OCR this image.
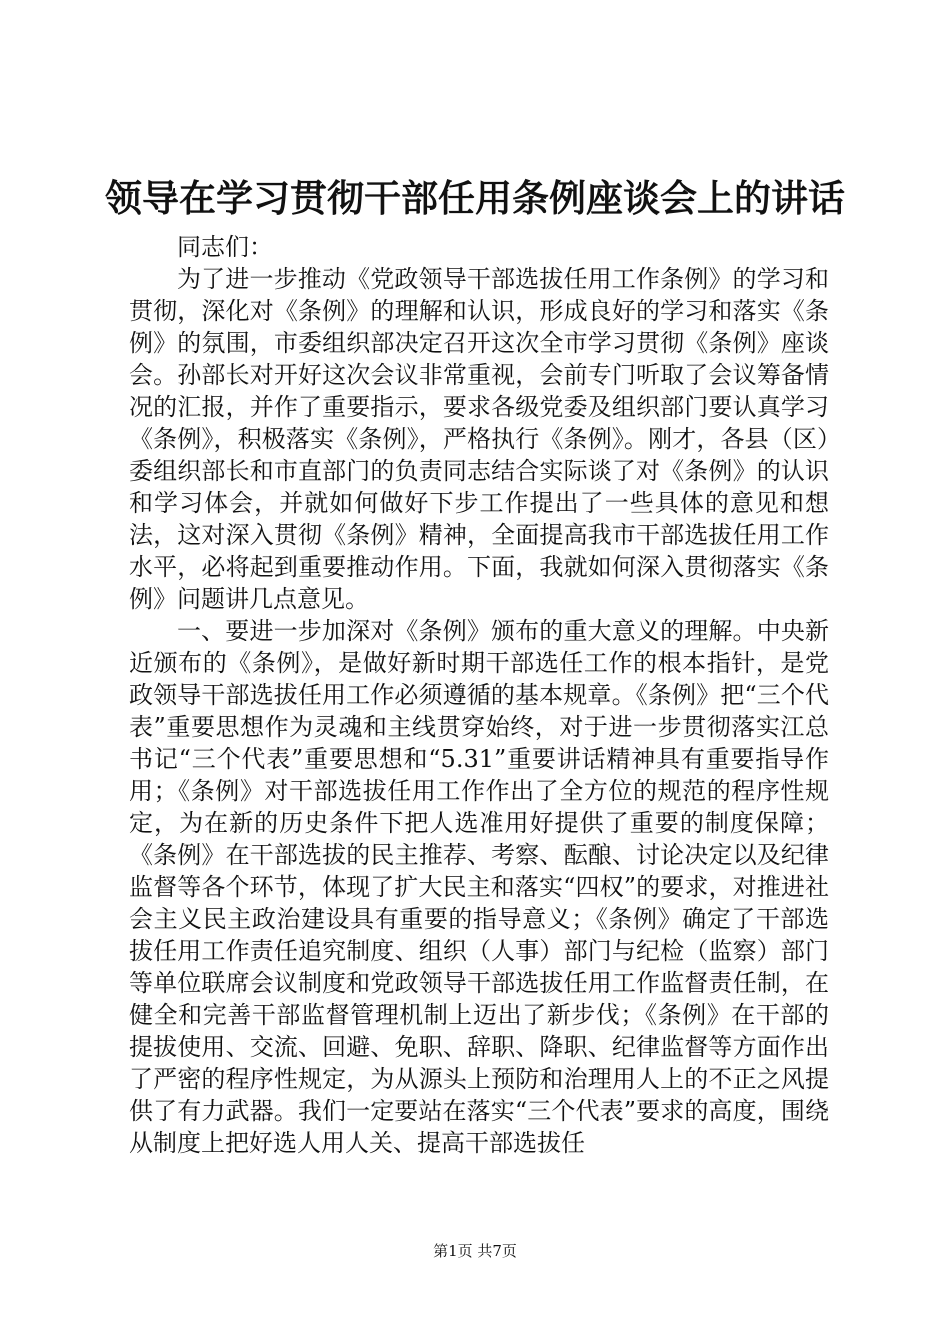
领导在学习贯彻干部任用条例座谈会上的讲话

同志们：

为了进一步推动《党政领导干部选拔任用工作条例》的学习和贯彻，深化对《条例》的理解和认识，形成良好的学习和落实《条例》的氛围，市委组织部决定召开这次全市学习贯彻《条例》座谈会。孙部长对开好这次会议非常重视，会前专门听取了会议筹备情况的汇报，并作了重要指示，要求各级党委及组织部门要认真学习《条例》，积极落实《条例》，严格执行《条例》。刚才，各县（区）委组织部长和市直部门的负责同志结合实际谈了对《条例》的认识和学习体会，并就如何做好下步工作提出了一些具体的意见和想法，这对深入贯彻《条例》精神，全面提高我市干部选拔任用工作水平，必将起到重要推动作用。下面，我就如何深入贯彻落实《条例》问题讲几点意见。

一、要进一步加深对《条例》颁布的重大意义的理解。中央新近颁布的《条例》，是做好新时期干部选任工作的根本指针，是党政领导干部选拔任用工作必须遵循的基本规章。《条例》把“三个代表”重要思想作为灵魂和主线贯穿始终，对于进一步贯彻落实江总书记“三个代表”重要思想和“5.31”重要讲话精神具有重要指导作用；《条例》对干部选拔任用工作作出了全方位的规范的程序性规定，为在新的历史条件下把人选准用好提供了重要的制度保障；《条例》在干部选拔的民主推荐、考察、酝酿、讨论决定以及纪律监督等各个环节，体现了扩大民主和落实“四权”的要求，对推进社会主义民主政治建设具有重要的指导意义；《条例》确定了干部选拔任用工作责任追究制度、组织（人事）部门与纪检（监察）部门等单位联席会议制度和党政领导干部选拔任用工作监督责任制，在健全和完善干部监督管理机制上迈出了新步伐；《条例》在干部的提拔使用、交流、回避、免职、辞职、降职、纪律监督等方面作出了严密的程序性规定，为从源头上预防和治理用人上的不正之风提供了有力武器。我们一定要站在落实“三个代表”要求的高度，围绕从制度上把好选人用人关、提高干部选拔任

第1页 共7页
